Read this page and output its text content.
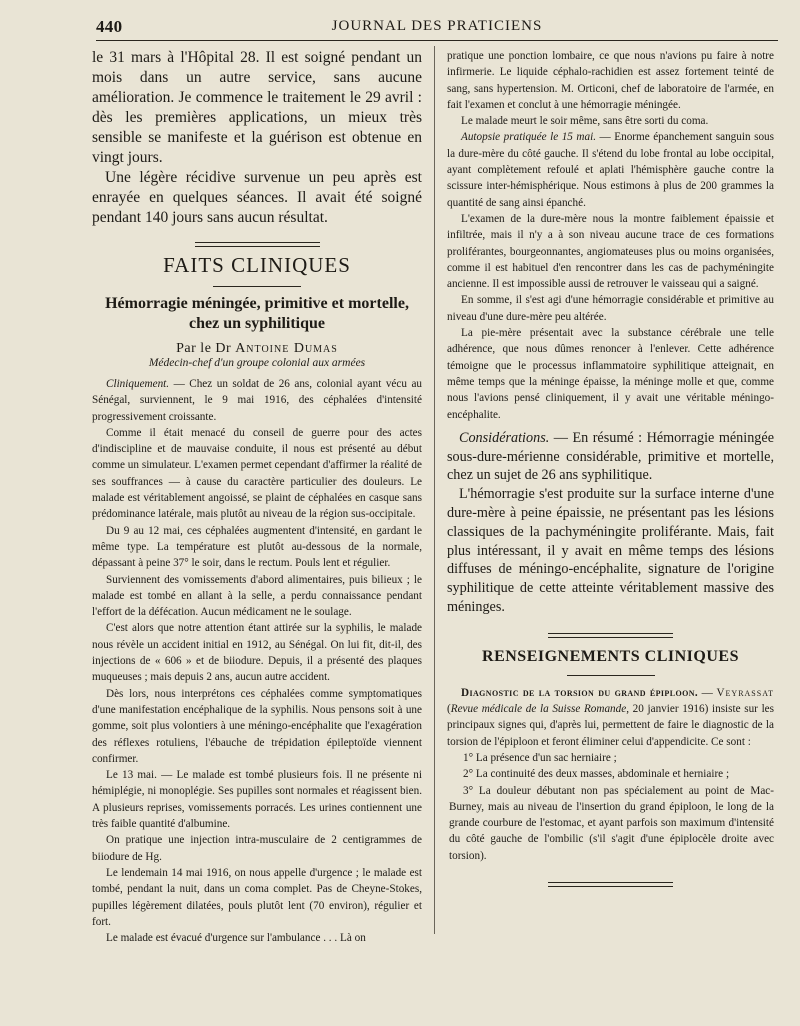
440	JOURNAL DES PRATICIENS

le 31 mars à l'Hôpital 28. Il est soigné pendant un mois dans un autre service, sans aucune amélioration. Je commence le traitement le 29 avril : dès les premières applications, un mieux très sensible se manifeste et la guérison est obtenue en vingt jours.

Une légère récidive survenue un peu après est enrayée en quelques séances. Il avait été soigné pendant 140 jours sans aucun résultat.

FAITS CLINIQUES

Hémorragie méningée, primitive et mortelle, chez un syphilitique

Par le Dr Antoine Dumas

Médecin-chef d'un groupe colonial aux armées

Cliniquement. — Chez un soldat de 26 ans, colonial ayant vécu au Sénégal, surviennent, le 9 mai 1916, des céphalées d'intensité progressivement croissante.

Comme il était menacé du conseil de guerre pour des actes d'indiscipline et de mauvaise conduite, il nous est présenté au début comme un simulateur. L'examen permet cependant d'affirmer la réalité de ses souffrances — à cause du caractère particulier des douleurs. Le malade est véritablement angoissé, se plaint de céphalées en casque sans prédominance latérale, mais plutôt au niveau de la région sus-occipitale.

Du 9 au 12 mai, ces céphalées augmentent d'intensité, en gardant le même type. La température est plutôt au-dessous de la normale, dépassant à peine 37° le soir, dans le rectum. Pouls lent et régulier.

Surviennent des vomissements d'abord alimentaires, puis bilieux ; le malade est tombé en allant à la selle, a perdu connaissance pendant l'effort de la défécation. Aucun médicament ne le soulage.

C'est alors que notre attention étant attirée sur la syphilis, le malade nous révèle un accident initial en 1912, au Sénégal. On lui fit, dit-il, des injections de « 606 » et de biiodure. Depuis, il a présenté des plaques muqueuses ; mais depuis 2 ans, aucun autre accident.

Dès lors, nous interprétons ces céphalées comme symptomatiques d'une manifestation encéphalique de la syphilis. Nous pensons soit à une gomme, soit plus volontiers à une méningo-encéphalite que l'exagération des réflexes rotuliens, l'ébauche de trépidation épileptoïde viennent confirmer.

Le 13 mai. — Le malade est tombé plusieurs fois. Il ne présente ni hémiplégie, ni monoplégie. Ses pupilles sont normales et réagissent bien. A plusieurs reprises, vomissements porracés. Les urines contiennent une très faible quantité d'albumine.

On pratique une injection intra-musculaire de 2 centigrammes de biiodure de Hg.

Le lendemain 14 mai 1916, on nous appelle d'urgence ; le malade est tombé, pendant la nuit, dans un coma complet. Pas de Cheyne-Stokes, pupilles légèrement dilatées, pouls plutôt lent (70 environ), régulier et fort.

Le malade est évacué d'urgence sur l'ambulance . . . Là on

pratique une ponction lombaire, ce que nous n'avions pu faire à notre infirmerie. Le liquide céphalo-rachidien est assez fortement teinté de sang, sans hypertension. M. Orticoni, chef de laboratoire de l'armée, en fait l'examen et conclut à une hémorragie méningée.

Le malade meurt le soir même, sans être sorti du coma.

Autopsie pratiquée le 15 mai. — Enorme épanchement sanguin sous la dure-mère du côté gauche. Il s'étend du lobe frontal au lobe occipital, ayant complètement refoulé et aplati l'hémisphère gauche contre la scissure inter-hémisphérique. Nous estimons à plus de 200 grammes la quantité de sang ainsi épanché.

L'examen de la dure-mère nous la montre faiblement épaissie et infiltrée, mais il n'y a à son niveau aucune trace de ces formations proliférantes, bourgeonnantes, angiomateuses plus ou moins organisées, comme il est habituel d'en rencontrer dans les cas de pachyméningite ancienne. Il est impossible aussi de retrouver le vaisseau qui a saigné.

En somme, il s'est agi d'une hémorragie considérable et primitive au niveau d'une dure-mère peu altérée.

La pie-mère présentait avec la substance cérébrale une telle adhérence, que nous dûmes renoncer à l'enlever. Cette adhérence témoigne que le processus inflammatoire syphilitique atteignait, en même temps que la méninge épaisse, la méninge molle et que, comme nous l'avions pensé cliniquement, il y avait une véritable méningo-encéphalite.

Considérations. — En résumé : Hémorragie méningée sous-dure-mérienne considérable, primitive et mortelle, chez un sujet de 26 ans syphilitique.

L'hémorragie s'est produite sur la surface interne d'une dure-mère à peine épaissie, ne présentant pas les lésions classiques de la pachyméningite proliférante. Mais, fait plus intéressant, il y avait en même temps des lésions diffuses de méningo-encéphalite, signature de l'origine syphilitique de cette atteinte véritablement massive des méninges.

RENSEIGNEMENTS CLINIQUES

Diagnostic de la torsion du grand épiploon. — Veyrassat (Revue médicale de la Suisse Romande, 20 janvier 1916) insiste sur les principaux signes qui, d'après lui, permettent de faire le diagnostic de la torsion de l'épiploon et feront éliminer celui d'appendicite. Ce sont :

1° La présence d'un sac herniaire ;

2° La continuité des deux masses, abdominale et herniaire ;

3° La douleur débutant non pas spécialement au point de Mac-Burney, mais au niveau de l'insertion du grand épiploon, le long de la grande courbure de l'estomac, et ayant parfois son maximum d'intensité du côté gauche de l'ombilic (s'il s'agit d'une épiplocèle droite avec torsion).
